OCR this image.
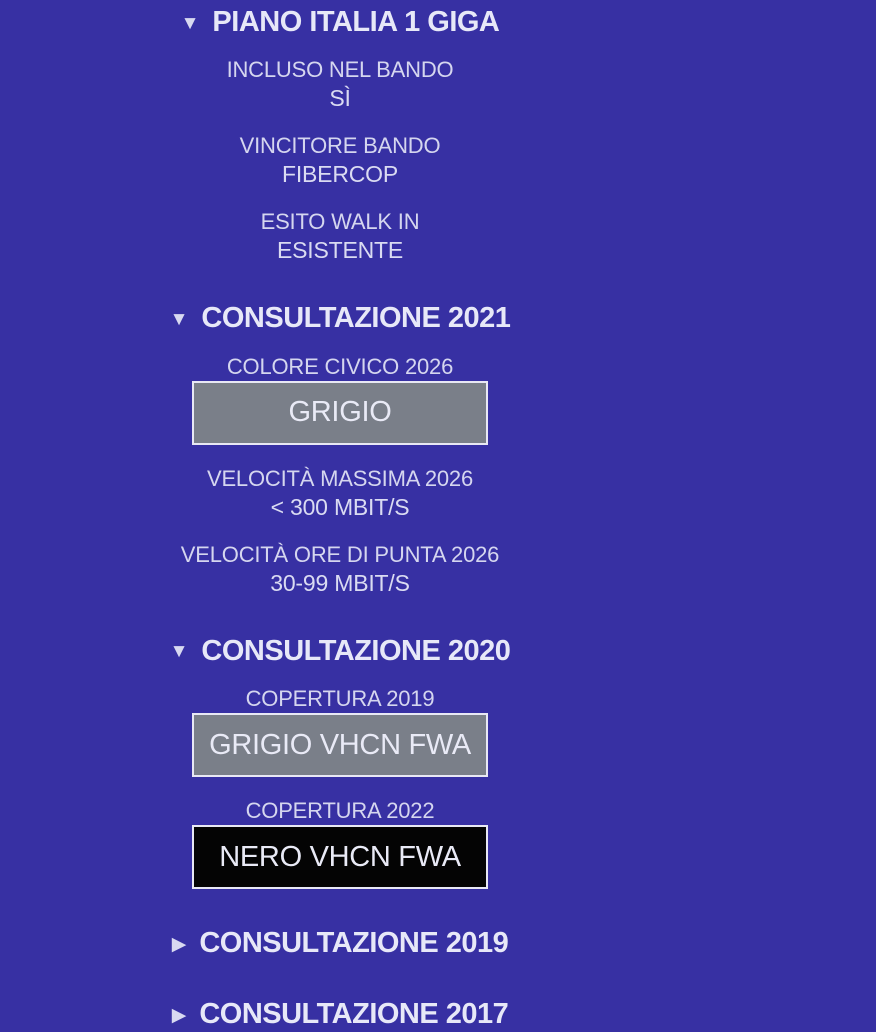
▼ PIANO ITALIA 1 GIGA
INCLUSO NEL BANDO
SÌ
VINCITORE BANDO
FIBERCOP
ESITO WALK IN
ESISTENTE
▼ CONSULTAZIONE 2021
COLORE CIVICO 2026
GRIGIO
VELOCITÀ MASSIMA 2026
< 300 MBIT/S
VELOCITÀ ORE DI PUNTA 2026
30-99 MBIT/S
▼ CONSULTAZIONE 2020
COPERTURA 2019
GRIGIO VHCN FWA
COPERTURA 2022
NERO VHCN FWA
▶ CONSULTAZIONE 2019
▶ CONSULTAZIONE 2017
